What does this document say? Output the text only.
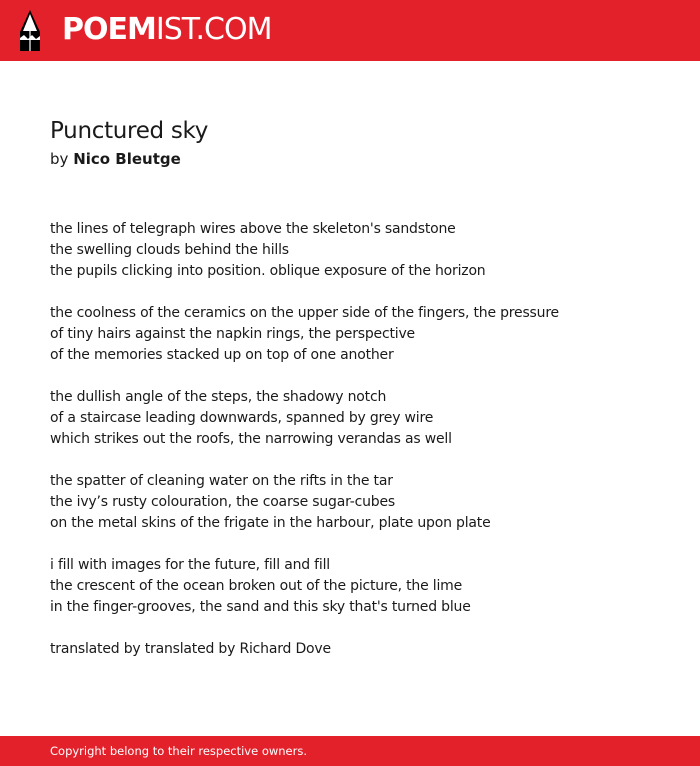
POEMIST.COM
Punctured sky
by Nico Bleutge
the lines of telegraph wires above the skeleton's sandstone
the swelling clouds behind the hills
the pupils clicking into position. oblique exposure of the horizon
the coolness of the ceramics on the upper side of the fingers, the pressure
of tiny hairs against the napkin rings, the perspective
of the memories stacked up on top of one another
the dullish angle of the steps, the shadowy notch
of a staircase leading downwards, spanned by grey wire
which strikes out the roofs, the narrowing verandas as well
the spatter of cleaning water on the rifts in the tar
the ivy’s rusty colouration, the coarse sugar-cubes
on the metal skins of the frigate in the harbour, plate upon plate
i fill with images for the future, fill and fill
the crescent of the ocean broken out of the picture, the lime
in the finger-grooves, the sand and this sky that's turned blue
translated by translated by Richard Dove
Copyright belong to their respective owners.
